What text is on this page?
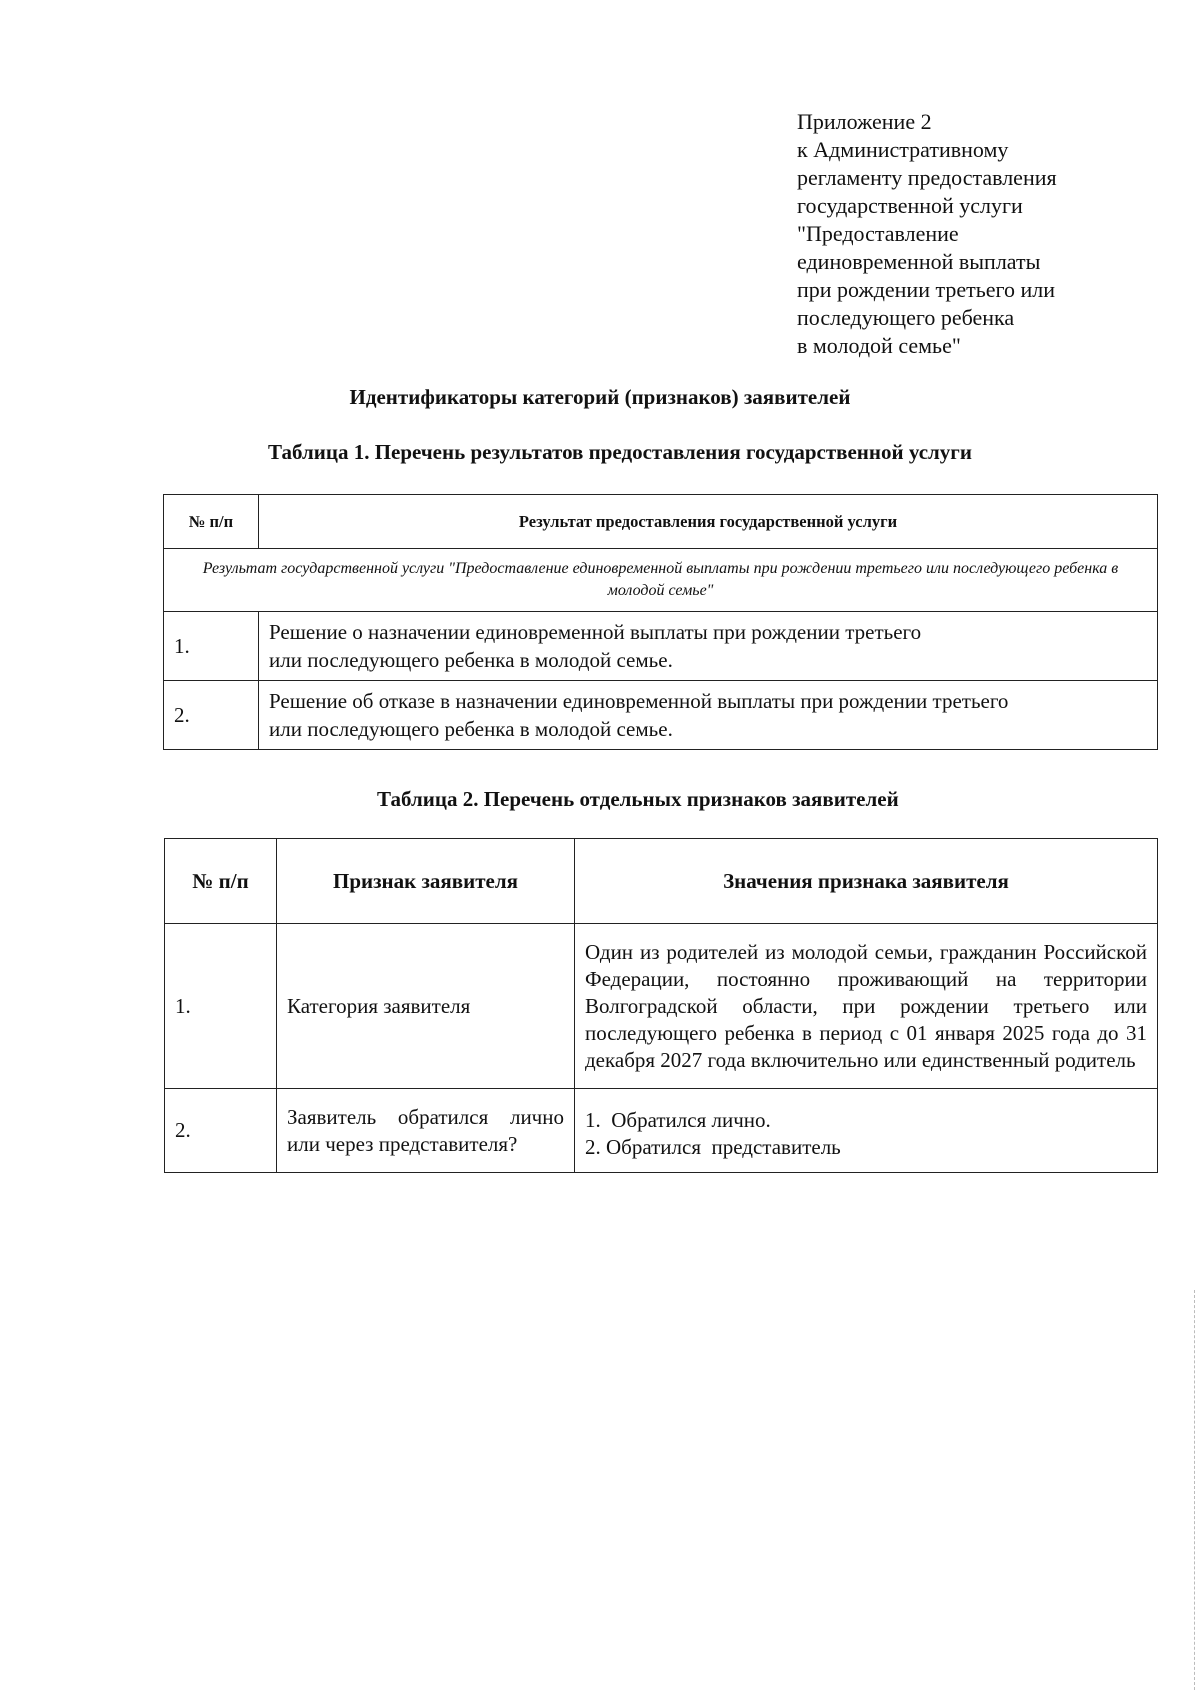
Приложение 2
к Административному
регламенту предоставления
государственной услуги
"Предоставление
единовременной выплаты
при рождении третьего или
последующего ребенка
в молодой семье"
Идентификаторы категорий (признаков) заявителей
Таблица 1. Перечень результатов предоставления государственной услуги
№ п/п	Результат предоставления государственной услуги
Результат государственной услуги "Предоставление единовременной выплаты при рождении третьего или последующего ребенка в молодой семье"	
1.	Решение о назначении единовременной выплаты при рождении третьего
или последующего ребенка в молодой семье.

2.	Решение об отказе в назначении единовременной выплаты при рождении третьего
или последующего ребенка в молодой семье.
Таблица 2. Перечень отдельных признаков заявителей
№ п/п	Признак заявителя	Значения признака заявителя
1.	Категория заявителя	Один из родителей из молодой семьи, гражданин Российской Федерации, постоянно проживающий на территории Волгоградской области, при рождении третьего или последующего ребенка в период с 01 января 2025 года до 31 декабря 2027 года включительно или единственный родитель
2.	Заявитель обратился лично или через представителя?	1.  Обратился лично.
2. Обратился  представитель
